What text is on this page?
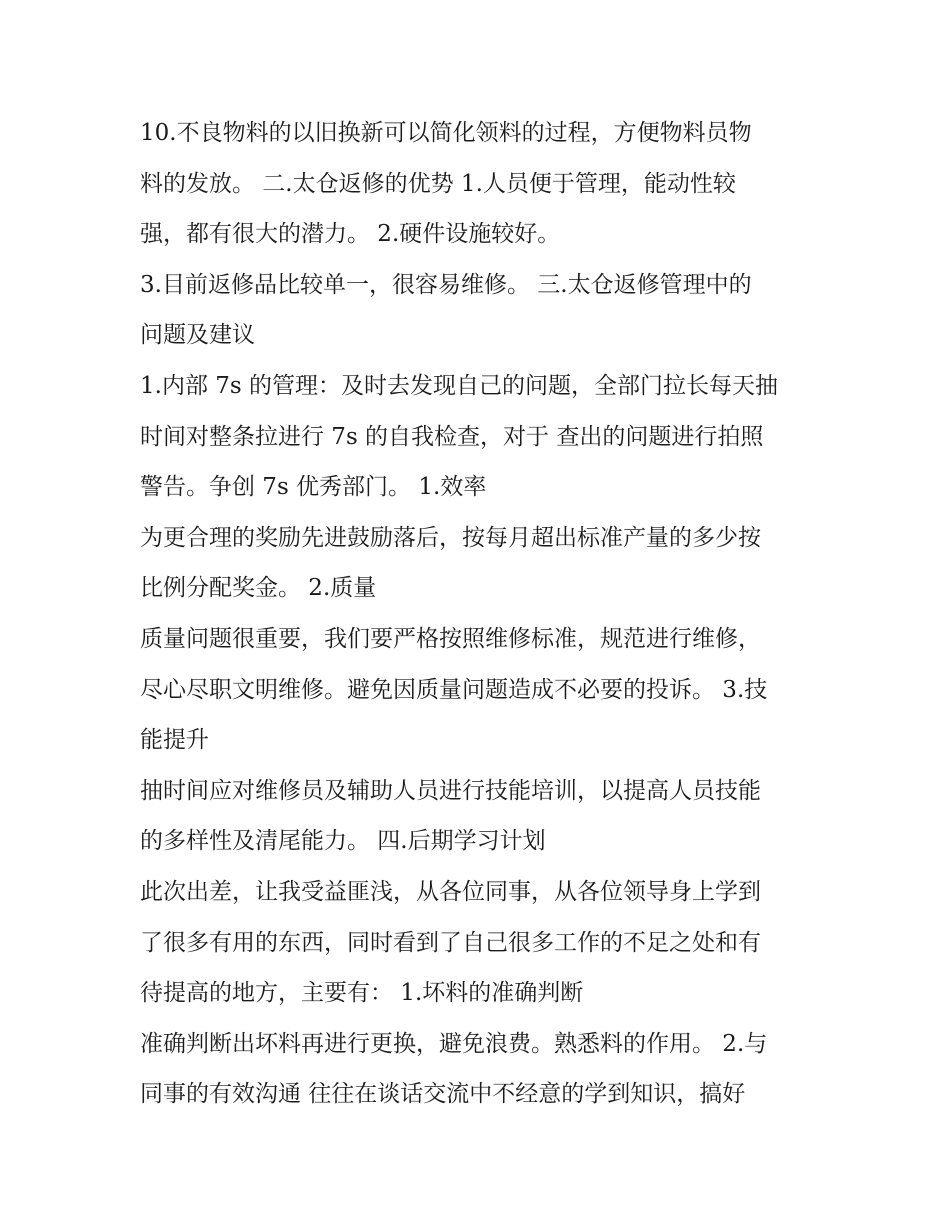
10.不良物料的以旧换新可以简化领料的过程，方便物料员物
料的发放。 二.太仓返修的优势 1.人员便于管理，能动性较
强，都有很大的潜力。 2.硬件设施较好。
3.目前返修品比较单一，很容易维修。 三.太仓返修管理中的
问题及建议
1.内部 7s 的管理：及时去发现自己的问题，全部门拉长每天抽
时间对整条拉进行 7s 的自我检查，对于 查出的问题进行拍照
警告。争创 7s 优秀部门。 1.效率
为更合理的奖励先进鼓励落后，按每月超出标准产量的多少按
比例分配奖金。 2.质量
质量问题很重要，我们要严格按照维修标准，规范进行维修，
尽心尽职文明维修。避免因质量问题造成不必要的投诉。 3.技
能提升
抽时间应对维修员及辅助人员进行技能培训，以提高人员技能
的多样性及清尾能力。 四.后期学习计划
此次出差，让我受益匪浅，从各位同事，从各位领导身上学到
了很多有用的东西，同时看到了自己很多工作的不足之处和有
待提高的地方，主要有： 1.坏料的准确判断
准确判断出坏料再进行更换，避免浪费。熟悉料的作用。 2.与
同事的有效沟通 往往在谈话交流中不经意的学到知识，搞好
